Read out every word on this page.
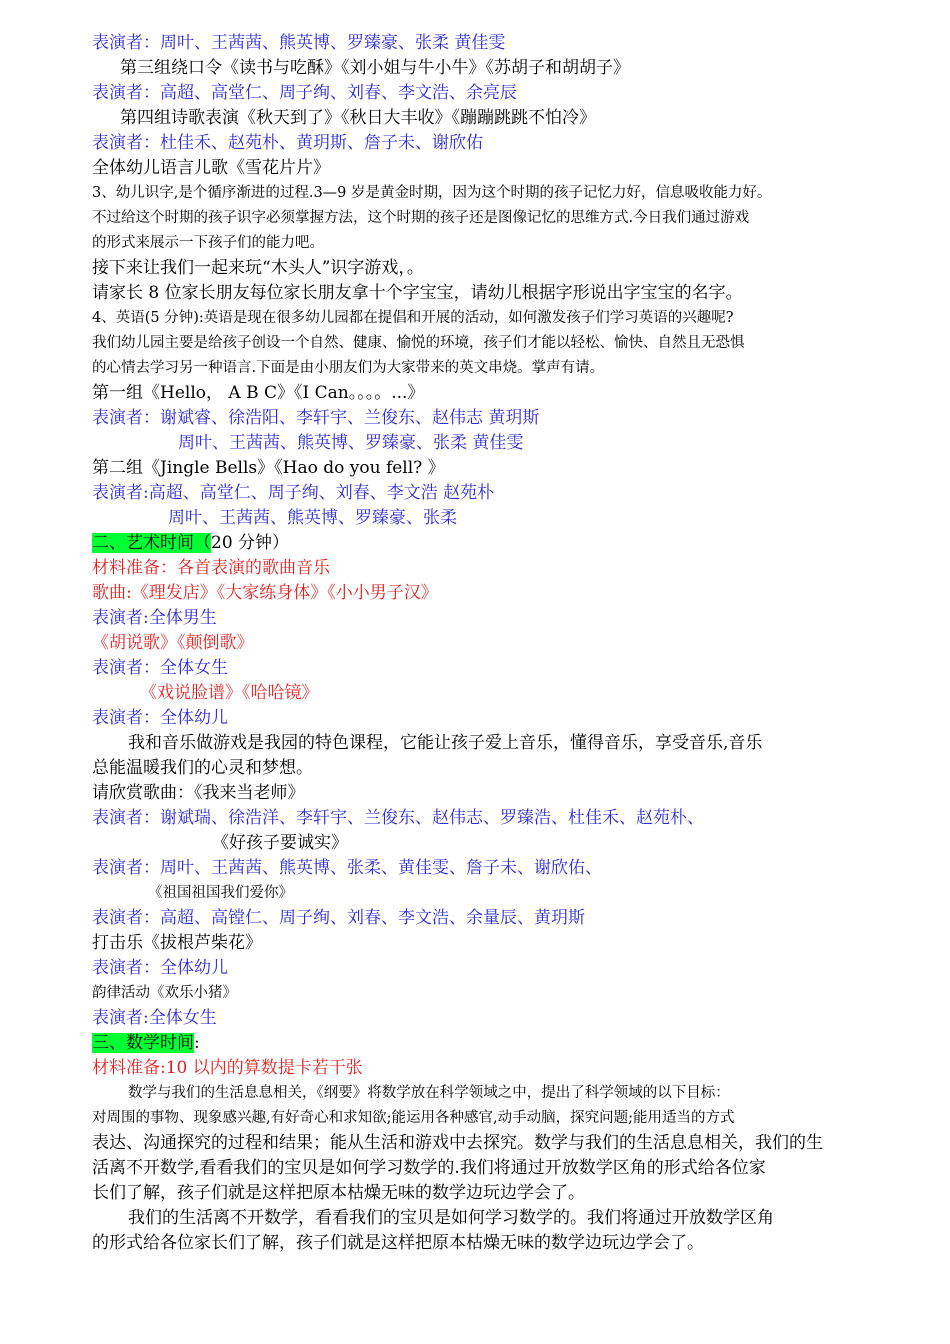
表演者：周叶、王茜茜、熊英博、罗臻豪、张柔 黄佳雯
第三组绕口令《读书与吃酥》《刘小姐与牛小牛》《苏胡子和胡胡子》
表演者：高超、高堂仁、周子绚、刘春、李文浩、余亮辰
第四组诗歌表演《秋天到了》《秋日大丰收》《蹦蹦跳跳不怕冷》
表演者：杜佳禾、赵苑朴、黄玥斯、詹子未、谢欣佑
全体幼儿语言儿歌《雪花片片》
3、幼儿识字,是个循序渐进的过程.3—9 岁是黄金时期，因为这个时期的孩子记忆力好，信息吸收能力好。
不过给这个时期的孩子识字必须掌握方法，这个时期的孩子还是图像记忆的思维方式.今日我们通过游戏
的形式来展示一下孩子们的能力吧。
接下来让我们一起来玩“木头人”识字游戏，。
请家长 8 位家长朋友每位家长朋友拿十个字宝宝，请幼儿根据字形说出字宝宝的名字。
4、英语(5 分钟):英语是现在很多幼儿园都在提倡和开展的活动，如何激发孩子们学习英语的兴趣呢?
我们幼儿园主要是给孩子创设一个自然、健康、愉悦的环境，孩子们才能以轻松、愉快、自然且无恐惧
的心情去学习另一种语言.下面是由小朋友们为大家带来的英文串烧。掌声有请。
第一组《Hello， A B C》《I Can。。。。...》
表演者：谢斌睿、徐浩阳、李轩宇、兰俊东、赵伟志 黄玥斯
周叶、王茜茜、熊英博、罗臻豪、张柔 黄佳雯
第二组《Jingle Bells》《Hao do you fell? 》
表演者:高超、高堂仁、周子绚、刘春、李文浩 赵苑朴
周叶、王茜茜、熊英博、罗臻豪、张柔
二、艺术时间（20 分钟）
材料准备：各首表演的歌曲音乐
歌曲:《理发店》《大家练身体》《小小男子汉》
表演者:全体男生
《胡说歌》《颠倒歌》
表演者：全体女生
《戏说脸谱》《哈哈镜》
表演者：全体幼儿
我和音乐做游戏是我园的特色课程，它能让孩子爱上音乐，懂得音乐，享受音乐,音乐
总能温暖我们的心灵和梦想。
请欣赏歌曲：《我来当老师》
表演者：谢斌瑞、徐浩洋、李轩宇、兰俊东、赵伟志、罗臻浩、杜佳禾、赵苑朴、
《好孩子要诚实》
表演者：周叶、王茜茜、熊英博、张柔、黄佳雯、詹子未、谢欣佑、
《祖国祖国我们爱你》
表演者：高超、高镗仁、周子绚、刘春、李文浩、余量辰、黄玥斯
打击乐《拔根芦柴花》
表演者：全体幼儿
韵律活动《欢乐小猪》
表演者:全体女生
三、数学时间:
材料准备:10 以内的算数提卡若干张
数学与我们的生活息息相关，《纲要》将数学放在科学领域之中，提出了科学领域的以下目标：
对周围的事物、现象感兴趣,有好奇心和求知欲;能运用各种感官,动手动脑，探究问题;能用适当的方式
表达、沟通探究的过程和结果；能从生活和游戏中去探究。数学与我们的生活息息相关，我们的生
活离不开数学,看看我们的宝贝是如何学习数学的.我们将通过开放数学区角的形式给各位家
长们了解，孩子们就是这样把原本枯燥无味的数学边玩边学会了。
我们的生活离不开数学，看看我们的宝贝是如何学习数学的。我们将通过开放数学区角
的形式给各位家长们了解，孩子们就是这样把原本枯燥无味的数学边玩边学会了。
